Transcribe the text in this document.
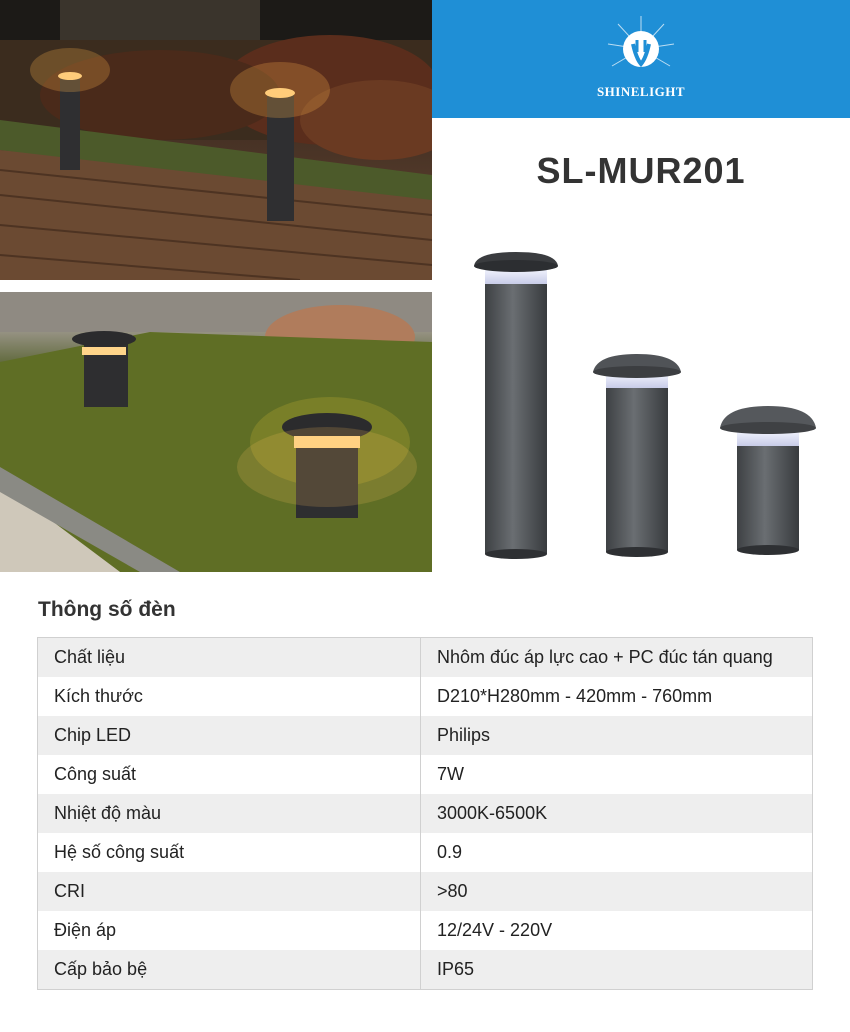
SHINELIGHT
SL-MUR201
Thông số đèn
Chất liệu	Nhôm đúc áp lực cao + PC đúc tán quang
Kích thước	D210*H280mm - 420mm - 760mm
Chip LED	Philips
Công suất	7W
Nhiệt độ màu	3000K-6500K
Hệ số công suất	0.9
CRI	>80
Điện áp	12/24V - 220V
Cấp bảo bệ	IP65
